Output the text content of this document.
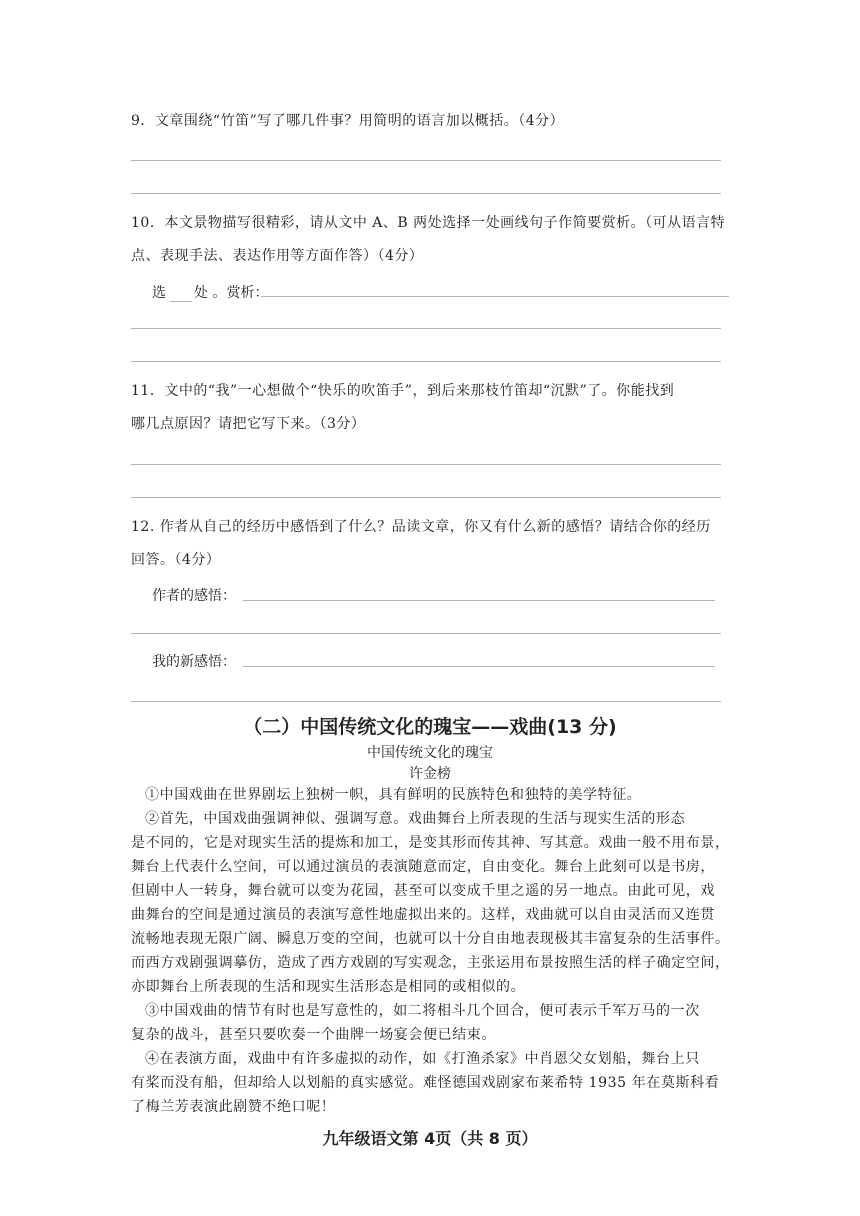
9．文章围绕“竹笛”写了哪几件事？用简明的语言加以概括。（4分）
10．本文景物描写很精彩，请从文中 A、B 两处选择一处画线句子作简要赏析。（可从语言特
点、表现手法、表达作用等方面作答）（4分）
选 处 。赏析：
11．文中的“我”一心想做个“快乐的吹笛手”，到后来那枝竹笛却“沉默”了。你能找到
哪几点原因？请把它写下来。（3分）
12. 作者从自己的经历中感悟到了什么？品读文章，你又有什么新的感悟？请结合你的经历
回答。（4分）
作者的感悟：
我的新感悟：
（二）中国传统文化的瑰宝——戏曲(13 分)
中国传统文化的瑰宝
许金榜
①中国戏曲在世界剧坛上独树一帜，具有鲜明的民族特色和独特的美学特征。
②首先，中国戏曲强调神似、强调写意。戏曲舞台上所表现的生活与现实生活的形态
是不同的，它是对现实生活的提炼和加工，是变其形而传其神、写其意。戏曲一般不用布景，
舞台上代表什么空间，可以通过演员的表演随意而定，自由变化。舞台上此刻可以是书房，
但剧中人一转身，舞台就可以变为花园，甚至可以变成千里之遥的另一地点。由此可见，戏
曲舞台的空间是通过演员的表演写意性地虚拟出来的。这样，戏曲就可以自由灵活而又连贯
流畅地表现无限广阔、瞬息万变的空间，也就可以十分自由地表现极其丰富复杂的生活事件。
而西方戏剧强调摹仿，造成了西方戏剧的写实观念，主张运用布景按照生活的样子确定空间，
亦即舞台上所表现的生活和现实生活形态是相同的或相似的。
③中国戏曲的情节有时也是写意性的，如二将相斗几个回合，便可表示千军万马的一次
复杂的战斗，甚至只要吹奏一个曲牌一场宴会便已结束。
④在表演方面，戏曲中有许多虚拟的动作，如《打渔杀家》中肖恩父女划船，舞台上只
有桨而没有船，但却给人以划船的真实感觉。难怪德国戏剧家布莱希特 1935 年在莫斯科看
了梅兰芳表演此剧赞不绝口呢！
九年级语文第 4页（共 8 页）
